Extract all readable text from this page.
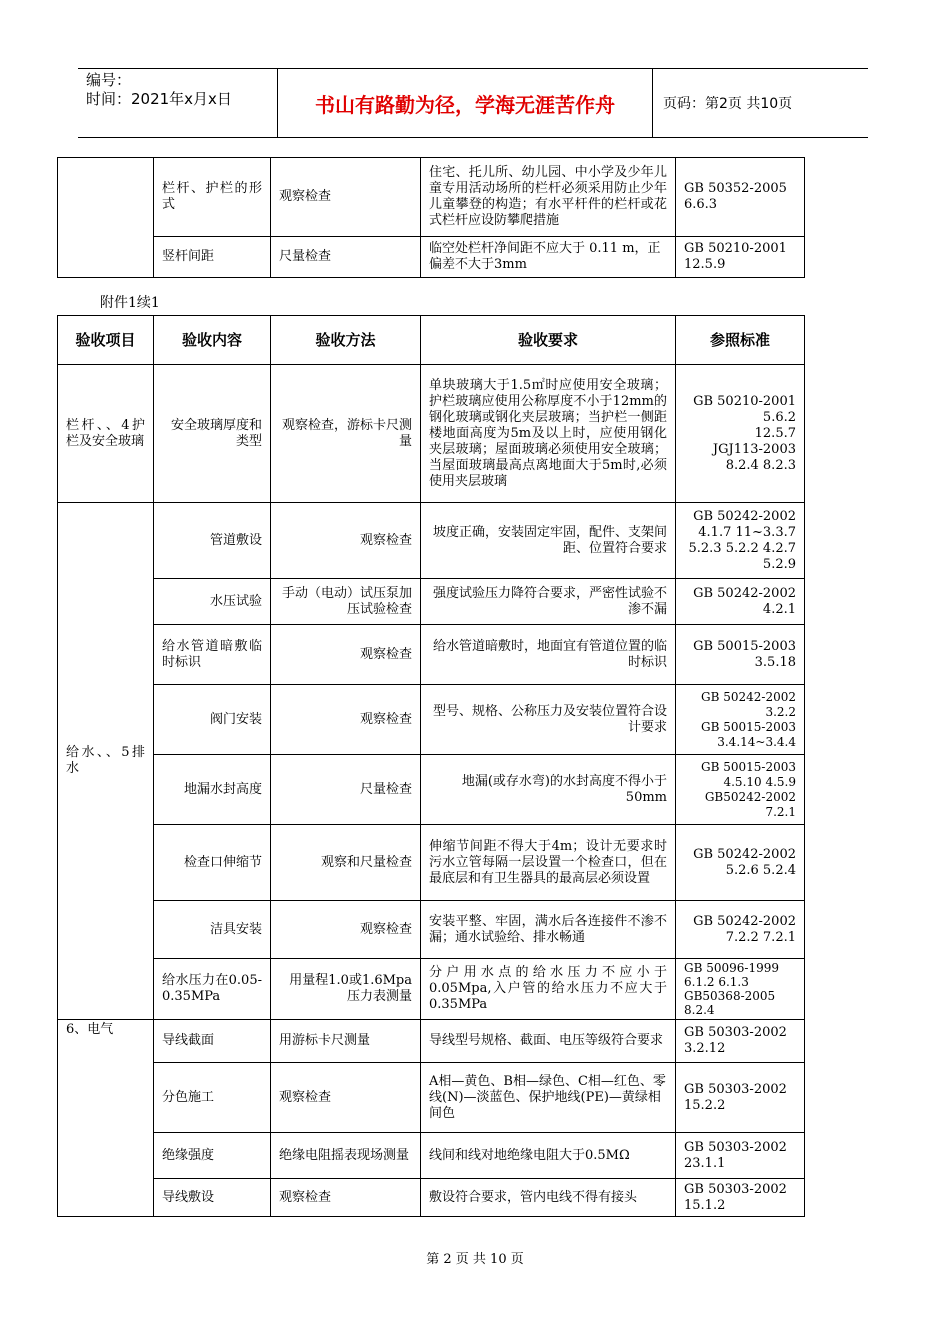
编号：
时间：2021年x月x日	书山有路勤为径，学海无涯苦作舟	页码：第2页 共10页
	栏杆、护栏的形式	观察检查	住宅、托儿所、幼儿园、中小学及少年儿童专用活动场所的栏杆必须采用防止少年儿童攀登的构造；有水平杆件的栏杆或花式栏杆应设防攀爬措施	GB 50352-2005
6.6.3

	竖杆间距	尺量检查	临空处栏杆净间距不应大于 0.11 m，正偏差不大于3mm	GB 50210-2001
12.5.9
附件1续1
验收项目	验收内容	验收方法	验收要求	参照标准
栏杆、、4护栏及安全玻璃	安全玻璃厚度和类型	观察检查，游标卡尺测量	单块玻璃大于1.5㎡时应使用安全玻璃；护栏玻璃应使用公称厚度不小于12mm的钢化玻璃或钢化夹层玻璃；当护栏一侧距楼地面高度为5m及以上时，应使用钢化夹层玻璃；屋面玻璃必须使用安全玻璃；当屋面玻璃最高点离地面大于5m时,必须使用夹层玻璃	GB 50210-2001
5.6.2
12.5.7
JGJ113-2003
8.2.4 8.2.3

给水、、5排水	管道敷设	观察检查	坡度正确，安装固定牢固，配件、支架间距、位置符合要求	GB 50242-2002
4.1.7 11~3.3.7
5.2.3 5.2.2 4.2.7
5.2.9

	水压试验	手动（电动）试压泵加压试验检查	强度试验压力降符合要求，严密性试验不渗不漏	GB 50242-2002
4.2.1

	给水管道暗敷临时标识	观察检查	给水管道暗敷时，地面宜有管道位置的临时标识	GB 50015-2003
3.5.18

	阀门安装	观察检查	型号、规格、公称压力及安装位置符合设计要求	GB 50242-2002
3.2.2
GB 50015-2003
3.4.14~3.4.4

	地漏水封高度	尺量检查	地漏(或存水弯)的水封高度不得小于50mm	GB 50015-2003
4.5.10 4.5.9
GB50242-2002
7.2.1

	检查口伸缩节	观察和尺量检查	伸缩节间距不得大于4m；设计无要求时污水立管每隔一层设置一个检查口，但在最底层和有卫生器具的最高层必须设置	GB 50242-2002
5.2.6 5.2.4

	洁具安装	观察检查	安装平整、牢固，满水后各连接件不渗不漏；通水试验给、排水畅通	GB 50242-2002
7.2.2 7.2.1

	给水压力在0.05-0.35MPa	用量程1.0或1.6Mpa压力表测量	分户用水点的给水压力不应小于0.05Mpa,入户管的给水压力不应大于0.35MPa	GB 50096-1999
6.1.2 6.1.3
GB50368-2005
8.2.4

6、电气	导线截面	用游标卡尺测量	导线型号规格、截面、电压等级符合要求	GB 50303-2002
3.2.12

	分色施工	观察检查	A相—黄色、B相—绿色、C相—红色、零线(N)—淡蓝色、保护地线(PE)—黄绿相间色	GB 50303-2002
15.2.2

	绝缘强度	绝缘电阻摇表现场测量	线间和线对地绝缘电阻大于0.5MΩ	GB 50303-2002
23.1.1

	导线敷设	观察检查	敷设符合要求，管内电线不得有接头	GB 50303-2002
15.1.2
第 2 页 共 10 页
